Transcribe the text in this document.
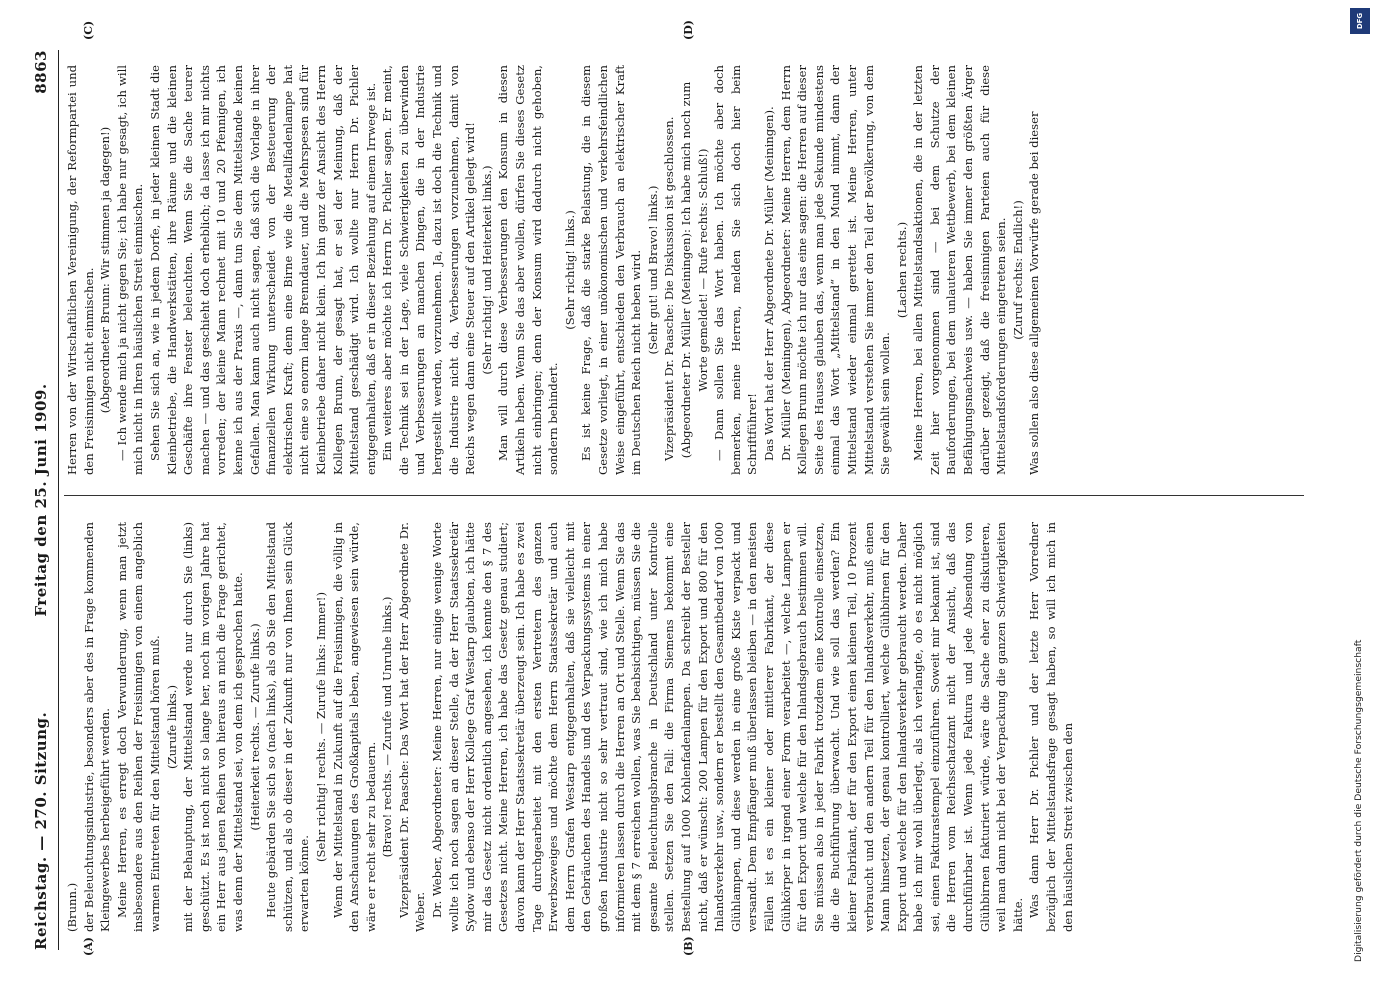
Reichstag. — 270. Sitzung.
Freitag den 25. Juni 1909.
8863
(A)	(B)
(C)	(D)

(Brunn.) der Beleuchtungsindustrie, besonders aber des in Frage kommenden Kleingewerbes herbeigeführt werden. Meine Herren, es erregt doch Verwunderung, wenn man jetzt insbesondere aus den Reihen der Freisinnigen von einem angeblich warmen Eintreten für den Mittelstand hören muß. (Zurufe links.) mit der Behauptung, der Mittelstand werde nur durch Sie (links) geschützt. Es ist noch nicht so lange her, noch im vorigen Jahre hat ein Herr aus jenen Reihen von hieraus an mich die Frage gerichtet, was denn der Mittelstand sei, von dem ich gesprochen hatte. (Heiterkeit rechts. — Zurufe links.) Heute gebärden Sie sich so (nach links), als ob Sie den Mittelstand schützen, und als ob dieser in der Zukunft nur von Ihnen sein Glück erwarten könne.

(Sehr richtig! rechts. — Zurufe links: Immer!) Wenn der Mittelstand in Zukunft auf die Freisinnigen, die völlig in den Anschauungen des Großkapitals leben, angewiesen sein würde, wäre er recht sehr zu bedauern. (Bravo! rechts. — Zurufe und Unruhe links.) Vizepräsident Dr. Paasche: Das Wort hat der Herr Abgeordnete Dr. Weber. Dr. Weber, Abgeordneter: Meine Herren, nur einige wenige Worte wollte ich noch sagen an dieser Stelle, da der Herr Staatssekretär Sydow und ebenso der Herr Kollege Graf Westarp glaubten, ich hätte mir das Gesetz nicht ordentlich angesehen, ich kennte den § 7 des Gesetzes nicht. Meine Herren, ich habe das Gesetz genau studiert; davon kann der Herr Staatssekretär überzeugt sein. Ich habe es zwei Tage durchgearbeitet mit den ersten Vertretern des ganzen Erwerbszweiges und möchte dem Herrn Staatssekretär und auch dem Herrn Grafen Westarp entgegenhalten, daß sie vielleicht mit den Gebräuchen des Handels und des Verpackungssystems in einer großen Industrie nicht so sehr vertraut sind, wie ich mich habe informieren lassen durch die Herren an Ort und Stelle. Wenn Sie das mit dem § 7 erreichen wollen, was Sie beabsichtigen, müssen Sie die gesamte Beleuchtungsbranche in Deutschland unter Kontrolle stellen. Setzen Sie den Fall: die Firma Siemens bekommt eine Bestellung auf 1000 Kohlenfadenlampen. Da schreibt der Besteller nicht, daß er wünscht: 200 Lampen für den Export und 800 für den Inlandsverkehr usw., sondern er bestellt den Gesamtbedarf von 1000 Glühlampen, und diese werden in eine große Kiste verpackt und versandt. Dem Empfänger muß überlassen bleiben — in den meisten Fällen ist es ein kleiner oder mittlerer Fabrikant, der diese Glühkörper in irgend einer Form verarbeitet —, welche Lampen er für den Export und welche für den Inlandsgebrauch bestimmen will. Sie müssen also in jeder Fabrik trotzdem eine Kontrolle einsetzen, die die Buchführung überwacht. Und wie soll das werden? Ein kleiner Fabrikant, der für den Export einen kleinen Teil, 10 Prozent verbraucht und den andern Teil für den Inlandsverkehr, muß einen Mann hinsetzen, der genau kontrolliert, welche Glühbirnen für den Export und welche für den Inlandsverkehr gebraucht werden. Daher habe ich mir wohl überlegt, als ich verlangte, ob es nicht möglich sei, einen Fakturastempel einzuführen. Soweit mir bekannt ist, sind die Herren vom Reichsschatzamt nicht der Ansicht, daß das durchführbar ist. Wenn jede Faktura und jede Absendung von Glühbirnen fakturiert würde, wäre die Sache eher zu diskutieren, weil man dann nicht bei der Verpackung die ganzen Schwierigkeiten hätte. Was dann Herr Dr. Pichler und der letzte Herr Vorredner bezüglich der Mittelstandsfrage gesagt haben, so will ich mich in den häuslichen Streit zwischen den

Herren von der Wirtschaftlichen Vereinigung, der Reformpartei und den Freisinnigen nicht einmischen. (Abgeordneter Brunn: Wir stimmen ja dagegen!) — Ich wende mich ja nicht gegen Sie; ich habe nur gesagt, ich will mich nicht in Ihren häuslichen Streit einmischen. Sehen Sie sich an, wie in jedem Dorfe, in jeder kleinen Stadt die Kleinbetriebe, die Handwerkstätten, ihre Räume und die kleinen Geschäfte ihre Fenster beleuchten. Wenn Sie die Sache teurer machen — und das geschieht doch erheblich; da lasse ich mir nichts vorreden; der kleine Mann rechnet mit 10 und 20 Pfennigen, ich kenne ich aus der Praxis —, dann tun Sie dem Mittelstande keinen Gefallen. Man kann auch nicht sagen, daß sich die Vorlage in ihrer finanziellen Wirkung unterscheidet von der Besteuerung der elektrischen Kraft; denn eine Birne wie die Metallfadenlampe hat nicht eine so enorm lange Brenndauer, und die Mehrspesen sind für Kleinbetriebe daher nicht klein. Ich bin ganz der Ansicht des Herrn Kollegen Brunn, der gesagt hat, er sei der Meinung, daß der Mittelstand geschädigt wird. Ich wollte nur Herrn Dr. Pichler entgegenhalten, daß er in dieser Beziehung auf einem Irrwege ist. Ein weiteres aber möchte ich Herrn Dr. Pichler sagen. Er meint, die Technik sei in der Lage, viele Schwierigkeiten zu überwinden und Verbesserungen an manchen Dingen, die in der Industrie hergestellt werden, vorzunehmen. Ja, dazu ist doch die Technik und die Industrie nicht da, Verbesserungen vorzunehmen, damit von Reichs wegen dann eine Steuer auf den Artikel gelegt wird! (Sehr richtig! und Heiterkeit links.) Man will durch diese Verbesserungen den Konsum in diesen Artikeln heben. Wenn Sie das aber wollen, dürfen Sie dieses Gesetz nicht einbringen; denn der Konsum wird dadurch nicht gehoben, sondern behindert.

(Sehr richtig! links.) Es ist keine Frage, daß die starke Belastung, die in diesem Gesetze vorliegt, in einer unökonomischen und verkehrsfeindlichen Weise eingeführt, entschieden den Verbrauch an elektrischer Kraft im Deutschen Reich nicht heben wird. (Sehr gut! und Bravo! links.) Vizepräsident Dr. Paasche: Die Diskussion ist geschlossen. (Abgeordneter Dr. Müller (Meiningen): Ich habe mich noch zum Worte gemeldet! — Rufe rechts: Schluß!) — Dann sollen Sie das Wort haben. Ich möchte aber doch bemerken, meine Herren, melden Sie sich doch hier beim Schriftführer! Das Wort hat der Herr Abgeordnete Dr. Müller (Meiningen). Dr. Müller (Meiningen), Abgeordneter: Meine Herren, dem Herrn Kollegen Brunn möchte ich nur das eine sagen: die Herren auf dieser Seite des Hauses glauben das, wenn man jede Sekunde mindestens einmal das Wort „Mittelstand“ in den Mund nimmt, dann der Mittelstand wieder einmal gerettet ist. Meine Herren, unter Mittelstand verstehen Sie immer den Teil der Bevölkerung, von dem Sie gewählt sein wollen.

(Lachen rechts.) Meine Herren, bei allen Mittelstandsaktionen, die in der letzten Zeit hier vorgenommen sind — bei dem Schutze der Bauforderungen, bei dem unlauteren Wettbewerb, bei dem kleinen Befähigungsnachweis usw. — haben Sie immer den größten Ärger darüber gezeigt, daß die freisinnigen Parteien auch für diese Mittelstandsforderungen eingetreten seien. (Zuruf rechts: Endlich!) Was sollen also diese allgemeinen Vorwürfe gerade bei dieser

DFG
Digitalisierung gefördert durch die Deutsche Forschungsgemeinschaft
